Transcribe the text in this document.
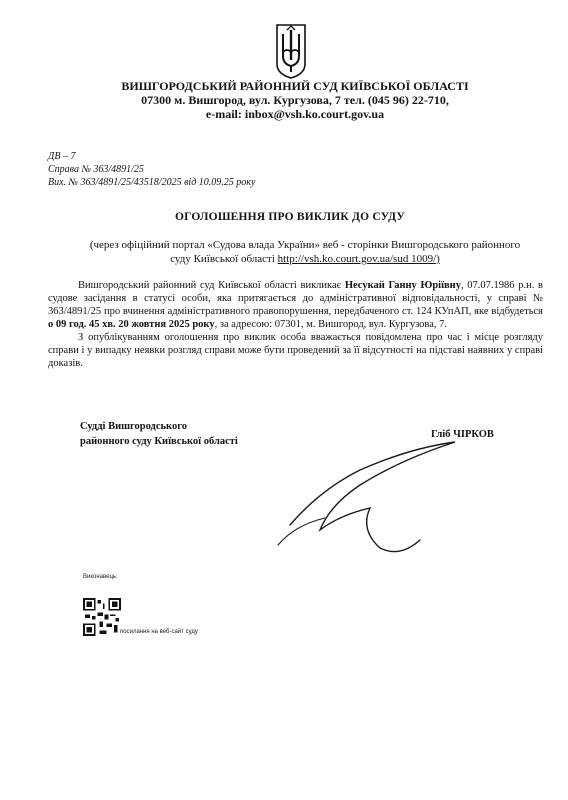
ВИШГОРОДСЬКИЙ РАЙОННИЙ СУД КИЇВСЬКОЇ ОБЛАСТІ
07300 м. Вишгород, вул. Кургузова, 7 тел. (045 96) 22-710,
e-mail: inbox@vsh.ko.court.gov.ua
ДВ – 7
Справа № 363/4891/25
Вих. № 363/4891/25/43518/2025 від 10.09.25 року
ОГОЛОШЕННЯ ПРО ВИКЛИК ДО СУДУ
(через офіційний портал «Судова влада України» веб - сторінки Вишгородського районного
суду Київської області http://vsh.ko.court.gov.ua/sud 1009/)

Вишгородський районний суд Київської області викликає Несукай Ганну Юріївну, 07.07.1986 р.н. в судове засідання в статусі особи, яка притягається до адміністративної відповідальності, у справі № 363/4891/25 про вчинення адміністративного правопорушення, передбаченого ст. 124 КУпАП, яке відбудеться о 09 год. 45 хв. 20 жовтня 2025 року, за адресою: 07301, м. Вишгород, вул. Кургузова, 7.

З опублікуванням оголошення про виклик особа вважається повідомлена про час і місце розгляду справи і у випадку неявки розгляд справи може бути проведений за її відсутності на підставі наявних у справі доказів.

Судді Вишгородського
районного суду Київської області
Гліб ЧІРКОВ
Виконавець:
посилання на веб-сайт суду
